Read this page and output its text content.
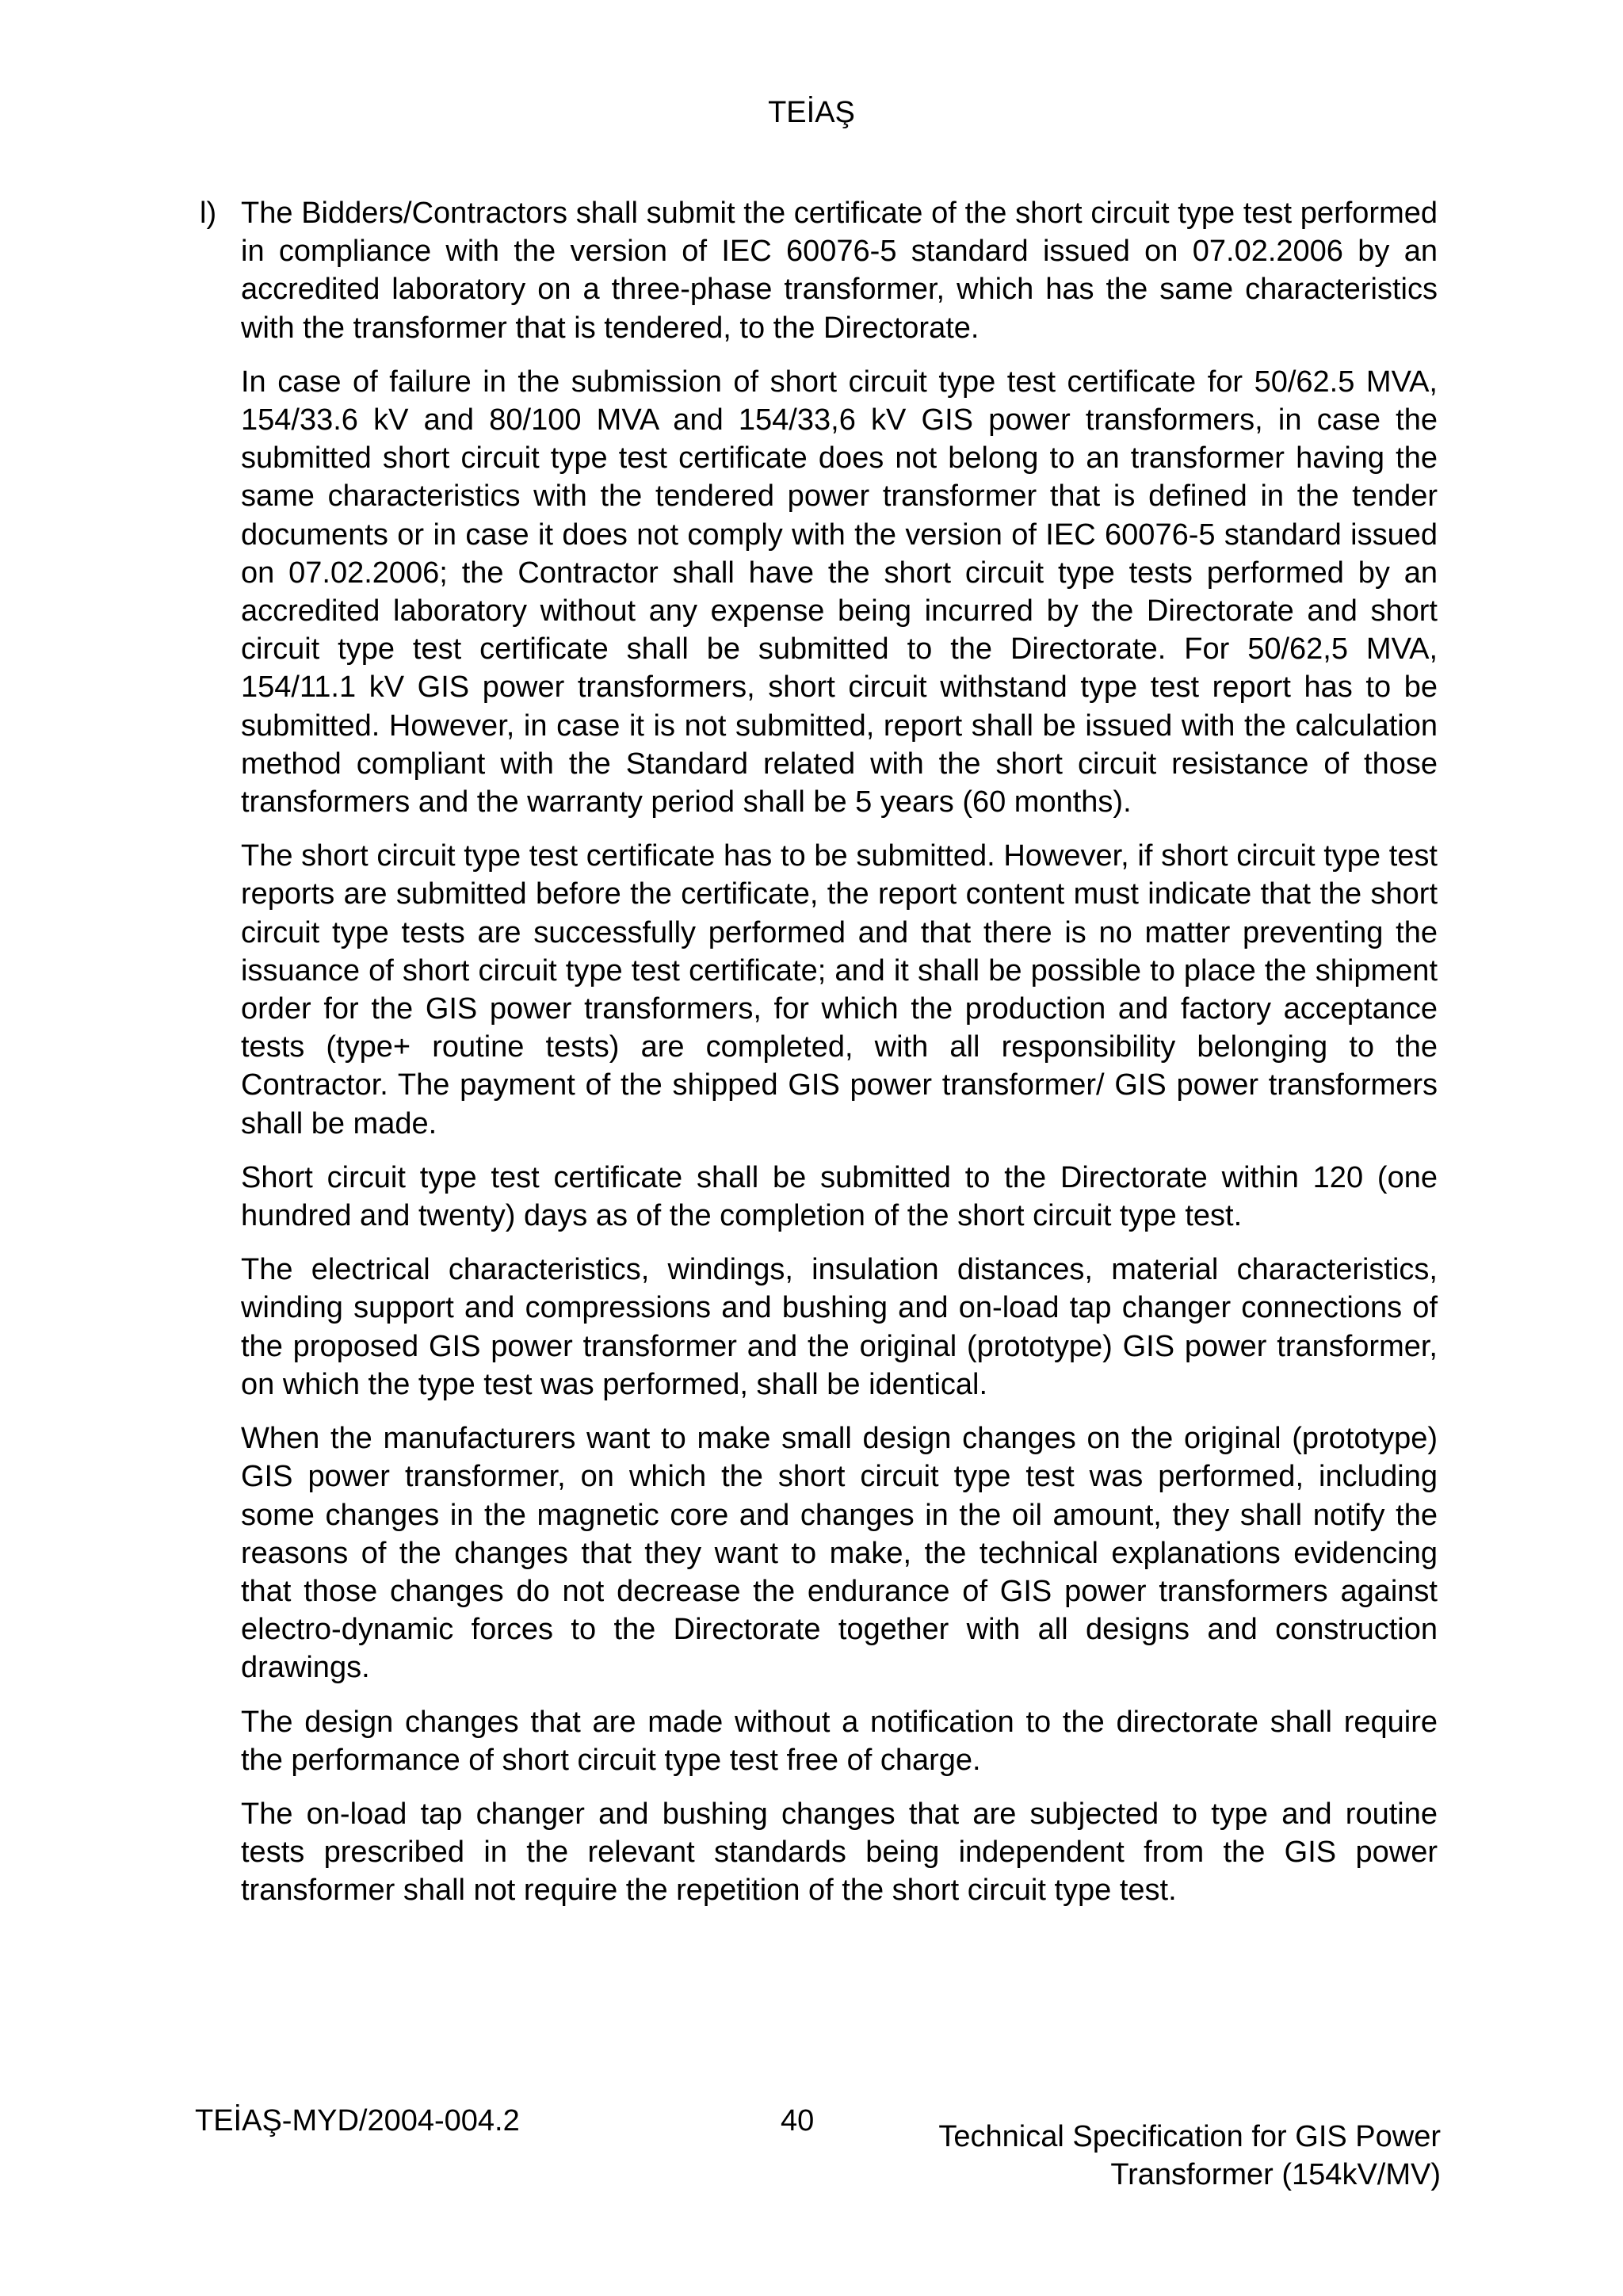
TEİAŞ
l) The Bidders/Contractors shall submit the certificate of the short circuit type test performed in compliance with the version of IEC 60076-5 standard issued on 07.02.2006 by an accredited laboratory on a three-phase transformer, which has the same characteristics with the transformer that is tendered, to the Directorate.

In case of failure in the submission of short circuit type test certificate for 50/62.5 MVA, 154/33.6 kV and 80/100 MVA and 154/33,6 kV GIS power transformers, in case the submitted short circuit type test certificate does not belong to an transformer having the same characteristics with the tendered power transformer that is defined in the tender documents or in case it does not comply with the version of IEC 60076-5 standard issued on 07.02.2006; the Contractor shall have the short circuit type tests performed by an accredited laboratory without any expense being incurred by the Directorate and short circuit type test certificate shall be submitted to the Directorate. For 50/62,5 MVA, 154/11.1 kV GIS power transformers, short circuit withstand type test report has to be submitted. However, in case it is not submitted, report shall be issued with the calculation method compliant with the Standard related with the short circuit resistance of those transformers and the warranty period shall be 5 years (60 months).

The short circuit type test certificate has to be submitted. However, if short circuit type test reports are submitted before the certificate, the report content must indicate that the short circuit type tests are successfully performed and that there is no matter preventing the issuance of short circuit type test certificate; and it shall be possible to place the shipment order for the GIS power transformers, for which the production and factory acceptance tests (type+ routine tests) are completed, with all responsibility belonging to the Contractor. The payment of the shipped GIS power transformer/ GIS power transformers shall be made.

Short circuit type test certificate shall be submitted to the Directorate within 120 (one hundred and twenty) days as of the completion of the short circuit type test.

The electrical characteristics, windings, insulation distances, material characteristics, winding support and compressions and bushing and on-load tap changer connections of the proposed GIS power transformer and the original (prototype) GIS power transformer, on which the type test was performed, shall be identical.

When the manufacturers want to make small design changes on the original (prototype) GIS power transformer, on which the short circuit type test was performed, including some changes in the magnetic core and changes in the oil amount, they shall notify the reasons of the changes that they want to make, the technical explanations evidencing that those changes do not decrease the endurance of GIS power transformers against electro-dynamic forces to the Directorate together with all designs and construction drawings.

The design changes that are made without a notification to the directorate shall require the performance of short circuit type test free of charge.

The on-load tap changer and bushing changes that are subjected to type and routine tests prescribed in the relevant standards being independent from the GIS power transformer shall not require the repetition of the short circuit type test.

TEİAŞ-MYD/2004-004.2	40	Technical Specification for GIS Power
Transformer (154kV/MV)
